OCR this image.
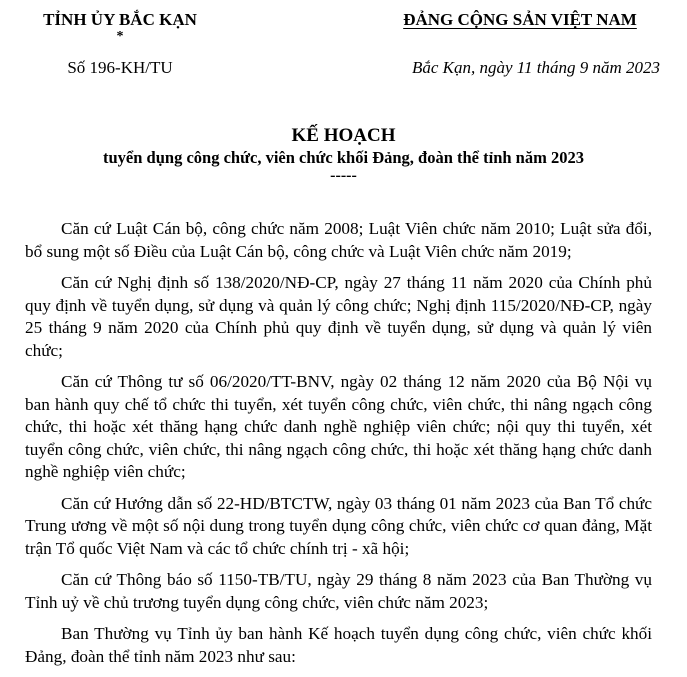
TỈNH ỦY BẮC KẠN
*
Số 196-KH/TU
ĐẢNG CỘNG SẢN VIỆT NAM
Bắc Kạn, ngày 11 tháng 9 năm 2023
KẾ HOẠCH
tuyển dụng công chức, viên chức khối Đảng, đoàn thể tỉnh năm 2023
-----

Căn cứ Luật Cán bộ, công chức năm 2008; Luật Viên chức năm 2010; Luật sửa đổi, bổ sung một số Điều của Luật Cán bộ, công chức và Luật Viên chức năm 2019;

Căn cứ Nghị định số 138/2020/NĐ-CP, ngày 27 tháng 11 năm 2020 của Chính phủ quy định về tuyển dụng, sử dụng và quản lý công chức; Nghị định 115/2020/NĐ-CP, ngày 25 tháng 9 năm 2020 của Chính phủ quy định về tuyển dụng, sử dụng và quản lý viên chức;

Căn cứ Thông tư số 06/2020/TT-BNV, ngày 02 tháng 12 năm 2020 của Bộ Nội vụ ban hành quy chế tổ chức thi tuyển, xét tuyển công chức, viên chức, thi nâng ngạch công chức, thi hoặc xét thăng hạng chức danh nghề nghiệp viên chức; nội quy thi tuyển, xét tuyển công chức, viên chức, thi nâng ngạch công chức, thi hoặc xét thăng hạng chức danh nghề nghiệp viên chức;

Căn cứ Hướng dẫn số 22-HD/BTCTW, ngày 03 tháng 01 năm 2023 của Ban Tổ chức Trung ương về một số nội dung trong tuyển dụng công chức, viên chức cơ quan đảng, Mặt trận Tổ quốc Việt Nam và các tổ chức chính trị - xã hội;

Căn cứ Thông báo số 1150-TB/TU, ngày 29 tháng 8 năm 2023 của Ban Thường vụ Tỉnh uỷ về chủ trương tuyển dụng công chức, viên chức năm 2023;

Ban Thường vụ Tỉnh ủy ban hành Kế hoạch tuyển dụng công chức, viên chức khối Đảng, đoàn thể tỉnh năm 2023 như sau:
